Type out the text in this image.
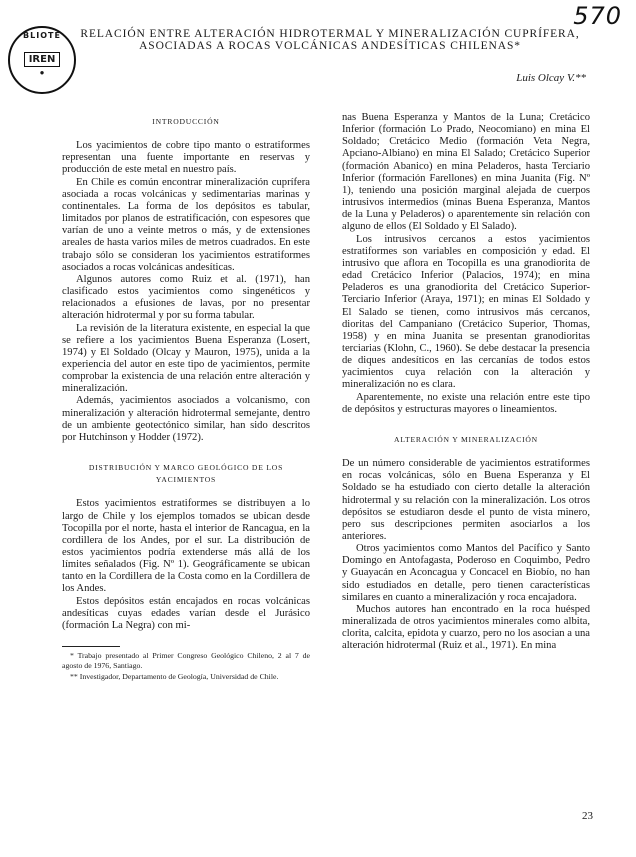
570
BLIOTE
IREN
●
RELACIÓN ENTRE ALTERACIÓN HIDROTERMAL Y MINERALIZACIÓN CUPRÍFERA, ASOCIADAS A ROCAS VOLCÁNICAS ANDESÍTICAS CHILENAS*
Luis Olcay V.**
INTRODUCCIÓN

Los yacimientos de cobre tipo manto o estratiformes representan una fuente importante en reservas y producción de este metal en nuestro país.

En Chile es común encontrar mineralización cuprífera asociada a rocas volcánicas y sedimentarias marinas y continentales. La forma de los depósitos es tabular, limitados por planos de estratificación, con espesores que varían de uno a veinte metros o más, y de extensiones areales de hasta varios miles de metros cuadrados. En este trabajo sólo se consideran los yacimientos estratiformes asociados a rocas volcánicas andesíticas.

Algunos autores como Ruiz et al. (1971), han clasificado estos yacimientos como singenéticos y relacionados a efusiones de lavas, por no presentar alteración hidrotermal y por su forma tabular.

La revisión de la literatura existente, en especial la que se refiere a los yacimientos Buena Esperanza (Losert, 1974) y El Soldado (Olcay y Mauron, 1975), unida a la experiencia del autor en este tipo de yacimientos, permite comprobar la existencia de una relación entre alteración y mineralización.

Además, yacimientos asociados a volcanismo, con mineralización y alteración hidrotermal semejante, dentro de un ambiente geotectónico similar, han sido descritos por Hutchinson y Hodder (1972).

DISTRIBUCIÓN Y MARCO GEOLÓGICO DE LOS YACIMIENTOS

Estos yacimientos estratiformes se distribuyen a lo largo de Chile y los ejemplos tomados se ubican desde Tocopilla por el norte, hasta el interior de Rancagua, en la cordillera de los Andes, por el sur. La distribución de estos yacimientos podría extenderse más allá de los límites señalados (Fig. Nº 1). Geográficamente se ubican tanto en la Cordillera de la Costa como en la Cordillera de los Andes.

Estos depósitos están encajados en rocas volcánicas andesíticas cuyas edades varían desde el Jurásico (formación La Negra) con mi-

* Trabajo presentado al Primer Congreso Geológico Chileno, 2 al 7 de agosto de 1976, Santiago.

** Investigador, Departamento de Geología, Universidad de Chile.

nas Buena Esperanza y Mantos de la Luna; Cretácico Inferior (formación Lo Prado, Neocomiano) en mina El Soldado; Cretácico Medio (formación Veta Negra, Apciano-Albiano) en mina El Salado; Cretácico Superior (formación Abanico) en mina Peladeros, hasta Terciario Inferior (formación Farellones) en mina Juanita (Fig. Nº 1), teniendo una posición marginal alejada de cuerpos intrusivos intermedios (minas Buena Esperanza, Mantos de la Luna y Peladeros) o aparentemente sin relación con alguno de ellos (El Soldado y El Salado).

Los intrusivos cercanos a estos yacimientos estratiformes son variables en composición y edad. El intrusivo que aflora en Tocopilla es una granodiorita de edad Cretácico Inferior (Palacios, 1974); en mina Peladeros es una granodiorita del Cretácico Superior-Terciario Inferior (Araya, 1971); en minas El Soldado y El Salado se tienen, como intrusivos más cercanos, dioritas del Campaniano (Cretácico Superior, Thomas, 1958) y en mina Juanita se presentan granodioritas terciarias (Klohn, C., 1960). Se debe destacar la presencia de diques andesíticos en las cercanías de todos estos yacimientos cuya relación con la alteración y mineralización no es clara.

Aparentemente, no existe una relación entre este tipo de depósitos y estructuras mayores o lineamientos.

ALTERACIÓN Y MINERALIZACIÓN

De un número considerable de yacimientos estratiformes en rocas volcánicas, sólo en Buena Esperanza y El Soldado se ha estudiado con cierto detalle la alteración hidrotermal y su relación con la mineralización. Los otros depósitos se estudiaron desde el punto de vista minero, pero sus descripciones permiten asociarlos a los anteriores.

Otros yacimientos como Mantos del Pacífico y Santo Domingo en Antofagasta, Poderoso en Coquimbo, Pedro y Guayacán en Aconcagua y Concacel en Biobío, no han sido estudiados en detalle, pero tienen características similares en cuanto a mineralización y roca encajadora.

Muchos autores han encontrado en la roca huésped mineralizada de otros yacimientos minerales como albita, clorita, calcita, epidota y cuarzo, pero no los asocian a una alteración hidrotermal (Ruiz et al., 1971). En mina

23
